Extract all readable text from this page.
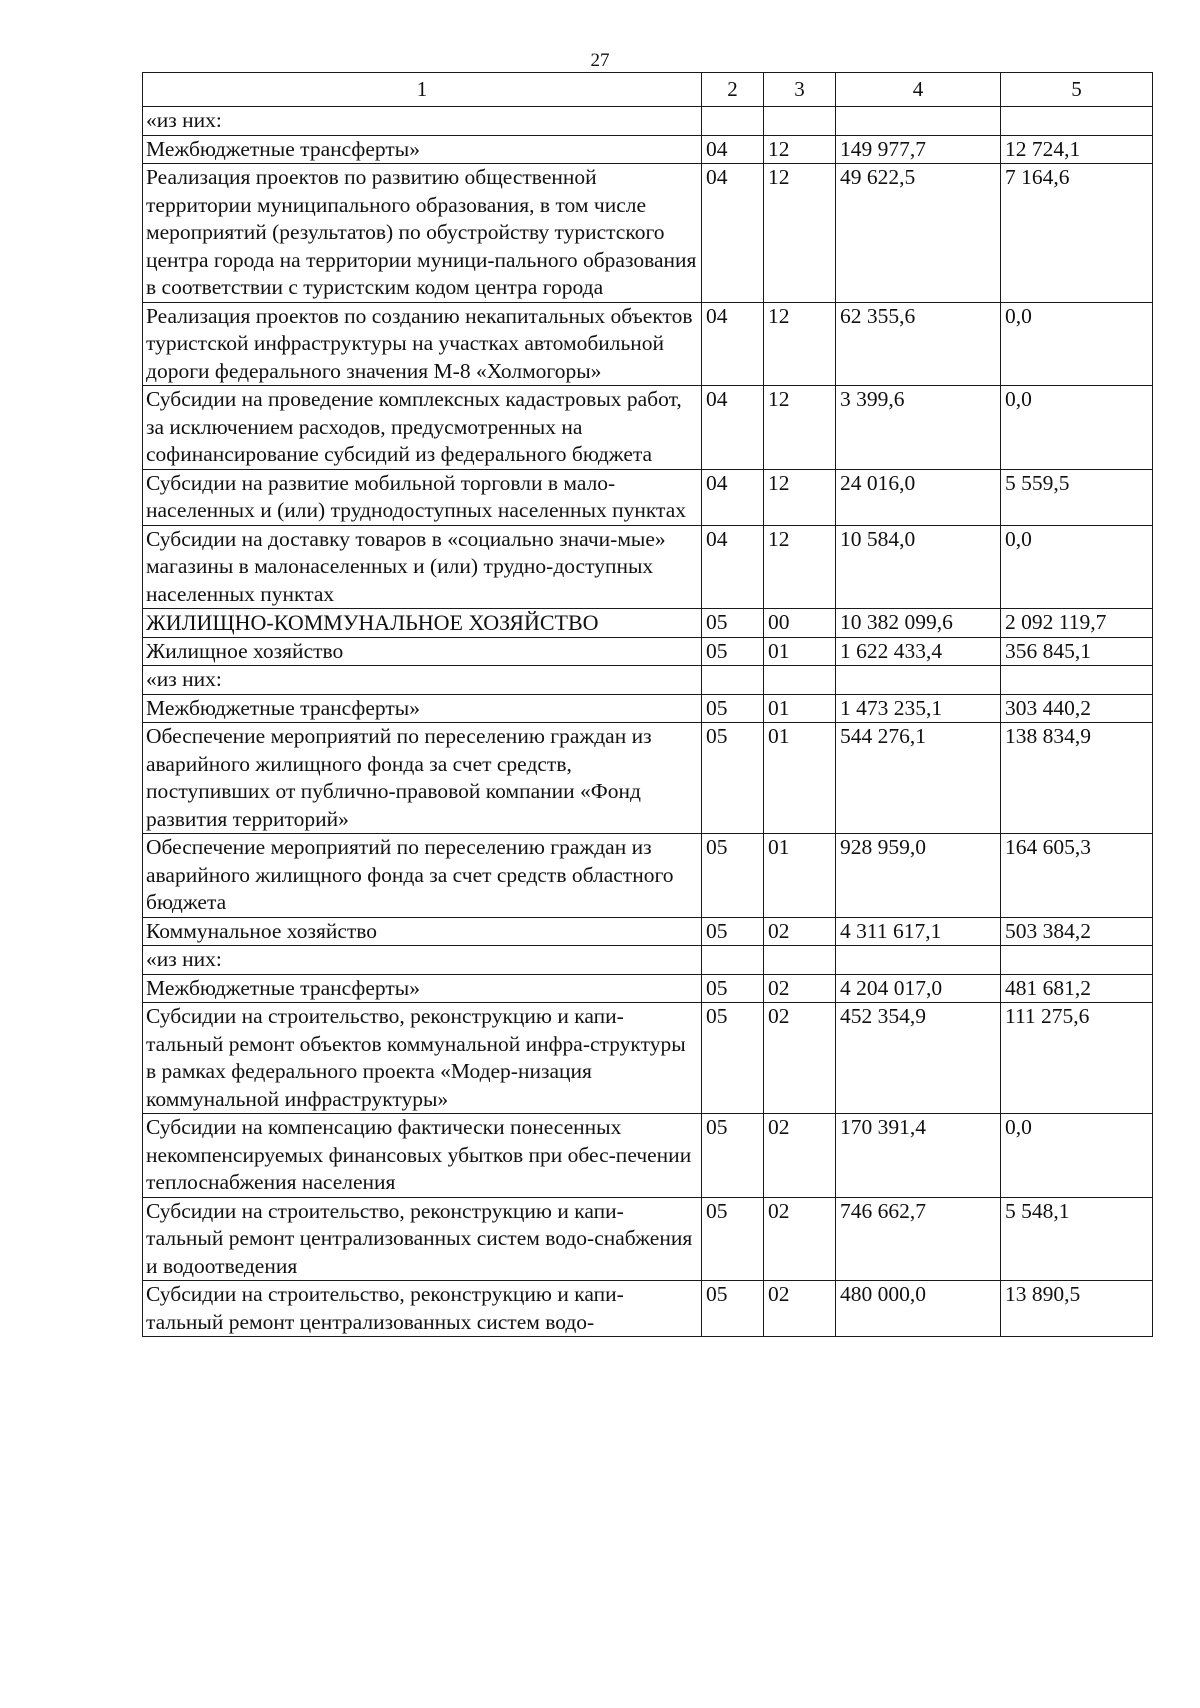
27
1	2	3	4	5
«из них:				
Межбюджетные трансферты»	04	12	149 977,7	12 724,1
Реализация проектов по развитию общественной территории муниципального образования, в том числе мероприятий (результатов) по обустройству туристского центра города на территории муници-пального образования в соответствии с туристским кодом центра города	04	12	49 622,5	7 164,6
Реализация проектов по созданию некапитальных объектов туристской инфраструктуры на участках автомобильной дороги федерального значения М-8 «Холмогоры»	04	12	62 355,6	0,0
Субсидии на проведение комплексных кадастровых работ, за исключением расходов, предусмотренных на софинансирование субсидий из федерального бюджета	04	12	3 399,6	0,0
Субсидии на развитие мобильной торговли в мало-населенных и (или) труднодоступных населенных пунктах	04	12	24 016,0	5 559,5
Субсидии на доставку товаров в «социально значи-мые» магазины в малонаселенных и (или) трудно-доступных населенных пунктах	04	12	10 584,0	0,0
ЖИЛИЩНО-КОММУНАЛЬНОЕ ХОЗЯЙСТВО	05	00	10 382 099,6	2 092 119,7
Жилищное хозяйство	05	01	1 622 433,4	356 845,1
«из них:				
Межбюджетные трансферты»	05	01	1 473 235,1	303 440,2
Обеспечение мероприятий по переселению граждан из аварийного жилищного фонда за счет средств, поступивших от публично-правовой компании «Фонд развития территорий»	05	01	544 276,1	138 834,9
Обеспечение мероприятий по переселению граждан из аварийного жилищного фонда за счет средств областного бюджета	05	01	928 959,0	164 605,3
Коммунальное хозяйство	05	02	4 311 617,1	503 384,2
«из них:				
Межбюджетные трансферты»	05	02	4 204 017,0	481 681,2
Субсидии на строительство, реконструкцию и капи-тальный ремонт объектов коммунальной инфра-структуры в рамках федерального проекта «Модер-низация коммунальной инфраструктуры»	05	02	452 354,9	111 275,6
Субсидии на компенсацию фактически понесенных некомпенсируемых финансовых убытков при обес-печении теплоснабжения населения	05	02	170 391,4	0,0
Субсидии на строительство, реконструкцию и капи-тальный ремонт централизованных систем водо-снабжения и водоотведения	05	02	746 662,7	5 548,1
Субсидии на строительство, реконструкцию и капи-тальный ремонт централизованных систем водо-	05	02	480 000,0	13 890,5
